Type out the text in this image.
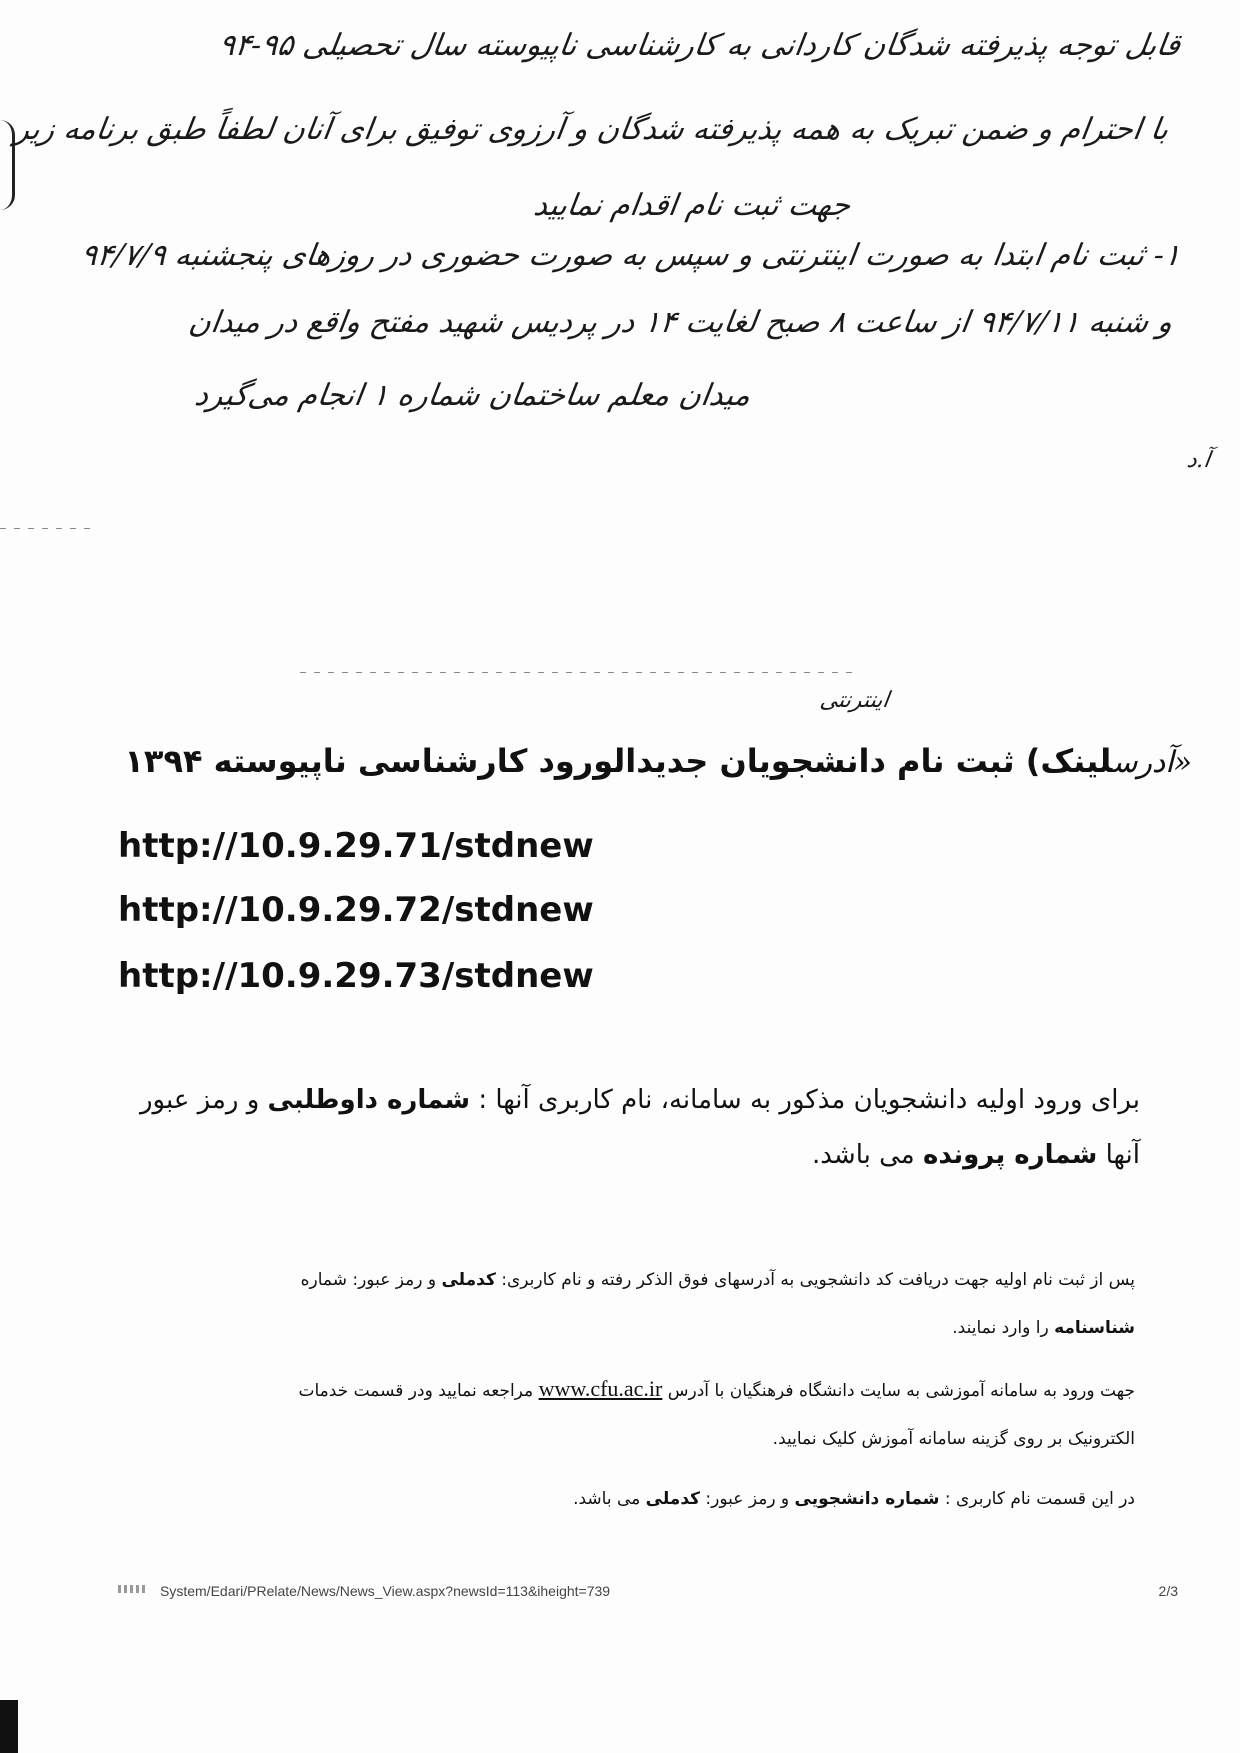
قابل توجه پذیرفته شدگان کاردانی به کارشناسی ناپیوسته سال تحصیلی ۹۵-۹۴
با احترام و ضمن تبریک به همه پذیرفته شدگان و آرزوی توفیق برای آنان لطفاً طبق برنامه زیر
جهت ثبت نام اقدام نمایید
۱- ثبت نام ابتدا به صورت اینترنتی و سپس به صورت حضوری در روزهای پنجشنبه ۹۴/۷/۹
و شنبه ۹۴/۷/۱۱ از ساعت ۸ صبح لغایت ۱۴ در پردیس شهید مفتح واقع در میدان
میدان معلم ساختمان شماره ۱ انجام می‌گیرد
آ.د
اینترنتی
«آدرسلینک) ثبت نام دانشجویان جدیدالورود کارشناسی ناپیوسته ۱۳۹۴
http://10.9.29.71/stdnew
http://10.9.29.72/stdnew
http://10.9.29.73/stdnew
برای ورود اولیه دانشجویان مذکور به سامانه، نام کاربری آنها : شماره داوطلبی و رمز عبور
آنها شماره پرونده می باشد.
پس از ثبت نام اولیه جهت دریافت کد دانشجویی به آدرسهای فوق الذکر رفته و نام کاربری: کدملی و رمز عبور: شماره
شناسنامه را وارد نمایند.
جهت ورود به سامانه آموزشی به سایت دانشگاه فرهنگیان با آدرس www.cfu.ac.ir مراجعه نمایید ودر قسمت خدمات
الکترونیک بر روی گزینه سامانه آموزش کلیک نمایید.
در این قسمت نام کاربری : شماره دانشجویی و رمز عبور: کدملی می باشد.
System/Edari/PRelate/News/News_View.aspx?newsId=113&iheight=739	2/3
